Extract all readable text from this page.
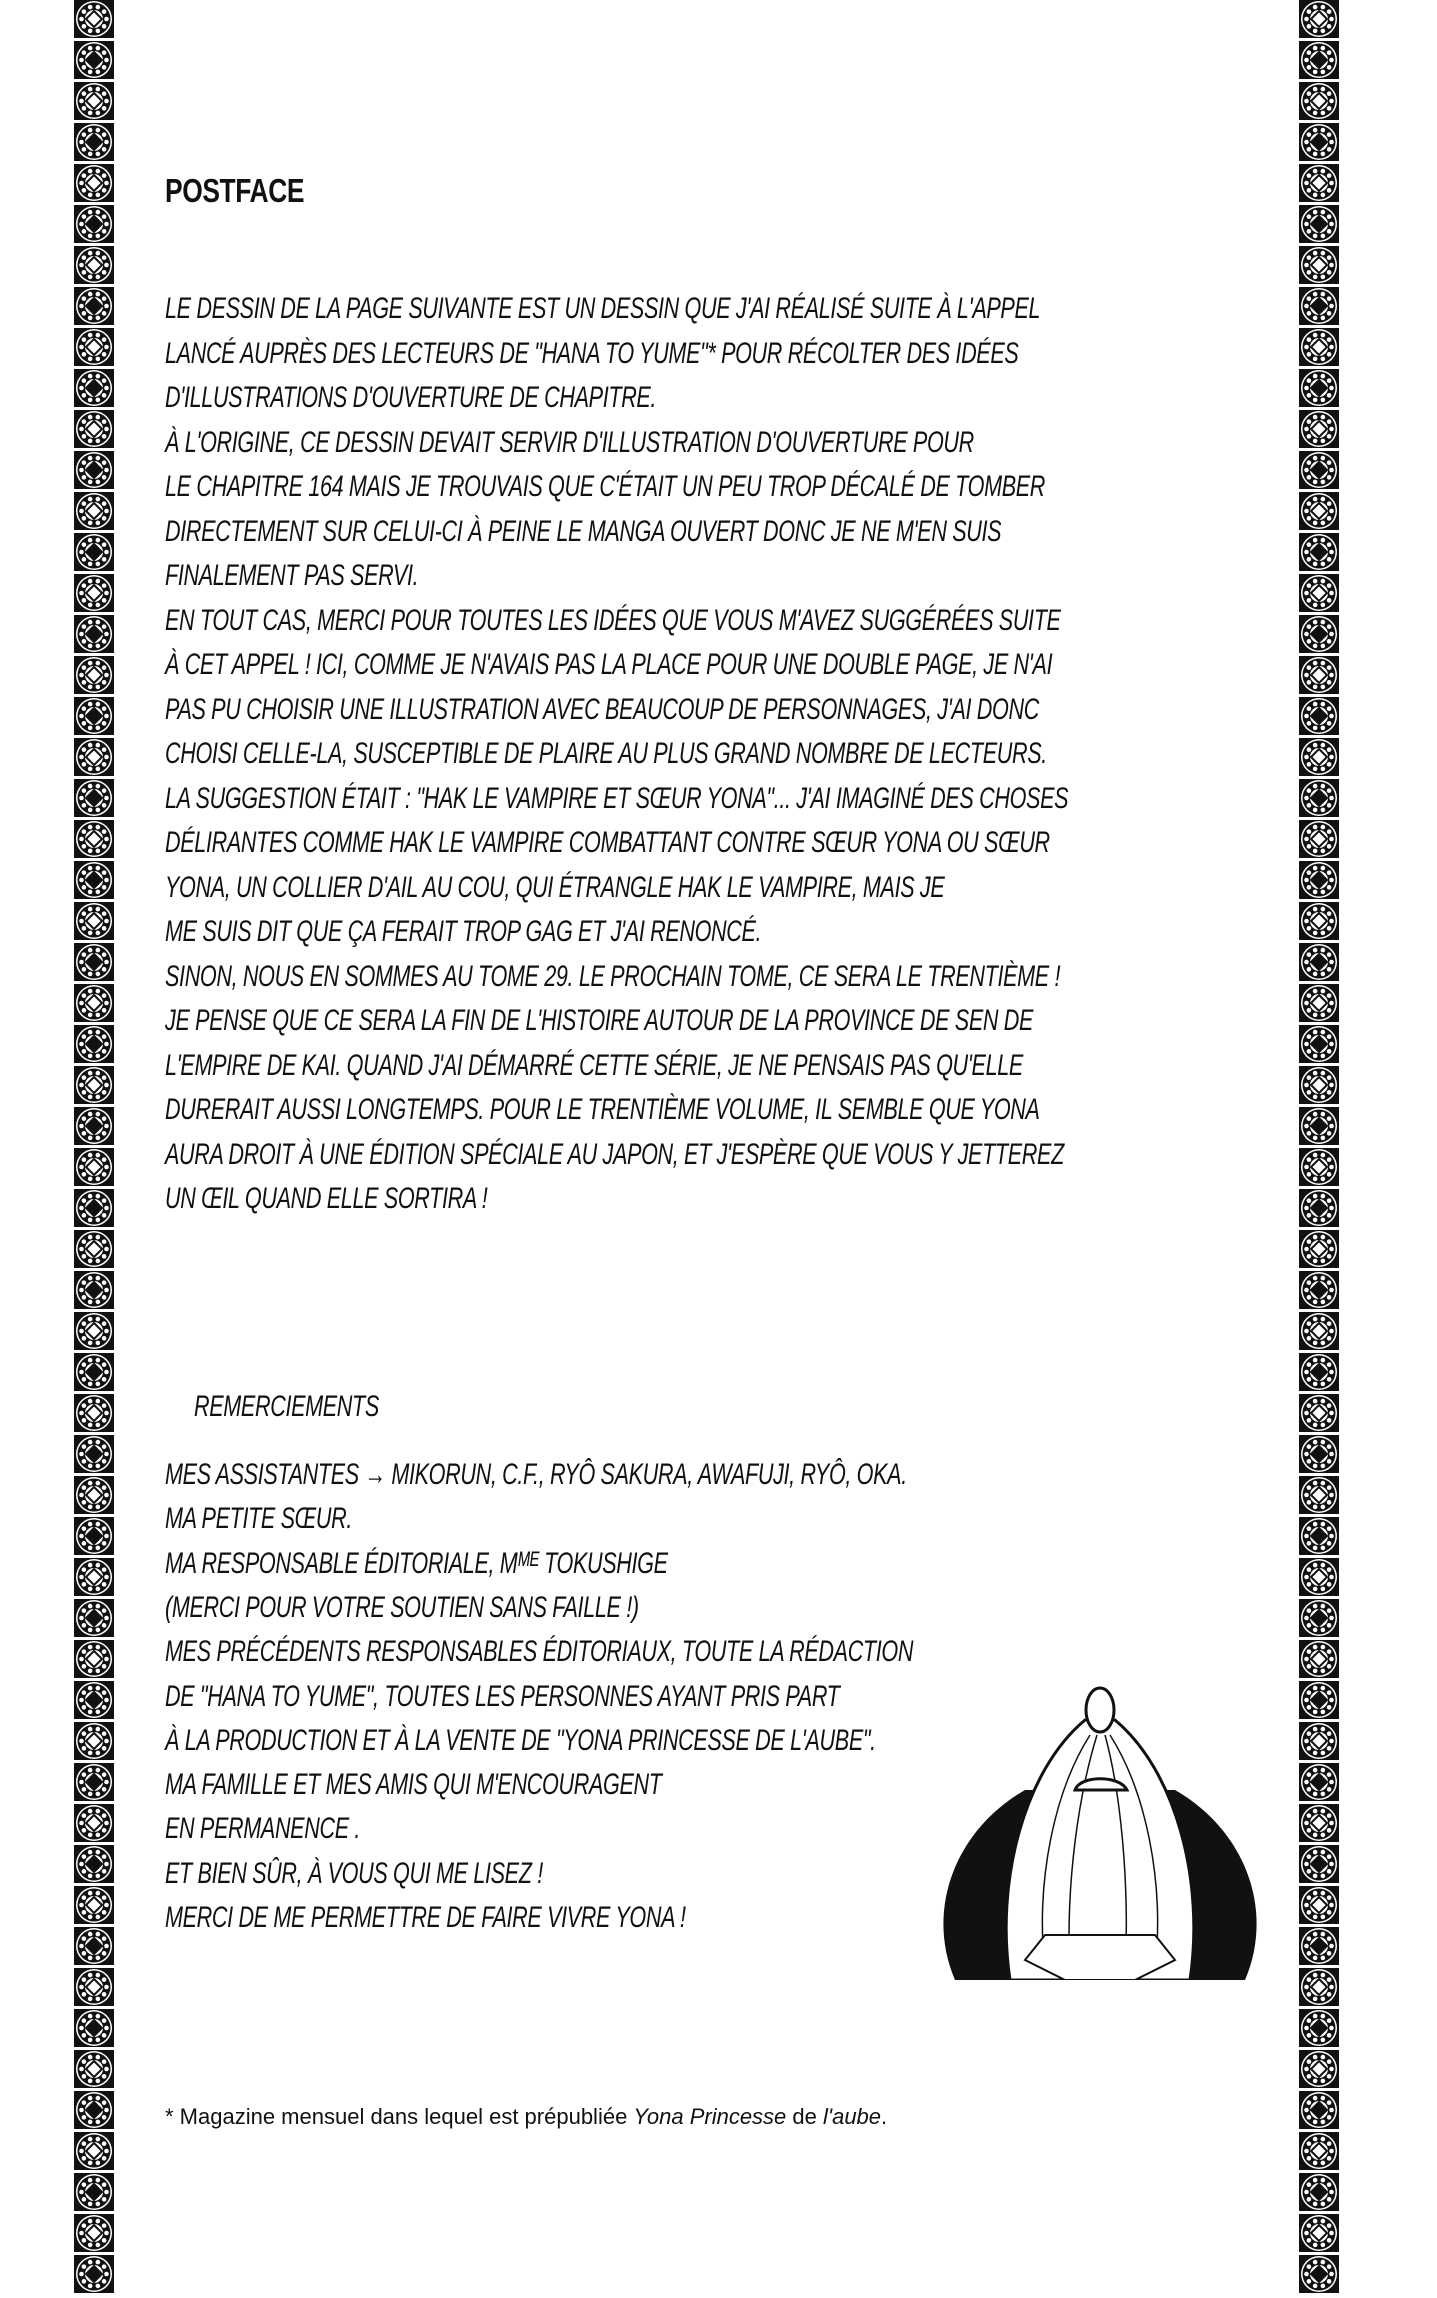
POSTFACE
LE DESSIN DE LA PAGE SUIVANTE EST UN DESSIN QUE J'AI RÉALISÉ SUITE À L'APPEL
LANCÉ AUPRÈS DES LECTEURS DE "HANA TO YUME"* POUR RÉCOLTER DES IDÉES
D'ILLUSTRATIONS D'OUVERTURE DE CHAPITRE.
À L'ORIGINE, CE DESSIN DEVAIT SERVIR D'ILLUSTRATION D'OUVERTURE POUR
LE CHAPITRE 164 MAIS JE TROUVAIS QUE C'ÉTAIT UN PEU TROP DÉCALÉ DE TOMBER
DIRECTEMENT SUR CELUI-CI À PEINE LE MANGA OUVERT DONC JE NE M'EN SUIS
FINALEMENT PAS SERVI.
EN TOUT CAS, MERCI POUR TOUTES LES IDÉES QUE VOUS M'AVEZ SUGGÉRÉES SUITE
À CET APPEL ! ICI, COMME JE N'AVAIS PAS LA PLACE POUR UNE DOUBLE PAGE, JE N'AI
PAS PU CHOISIR UNE ILLUSTRATION AVEC BEAUCOUP DE PERSONNAGES, J'AI DONC
CHOISI CELLE-LA, SUSCEPTIBLE DE PLAIRE AU PLUS GRAND NOMBRE DE LECTEURS.
LA SUGGESTION ÉTAIT : "HAK LE VAMPIRE ET SŒUR YONA"... J'AI IMAGINÉ DES CHOSES
DÉLIRANTES COMME HAK LE VAMPIRE COMBATTANT CONTRE SŒUR YONA OU SŒUR
YONA, UN COLLIER D'AIL AU COU, QUI ÉTRANGLE HAK LE VAMPIRE, MAIS JE
ME SUIS DIT QUE ÇA FERAIT TROP GAG ET J'AI RENONCÉ.
SINON, NOUS EN SOMMES AU TOME 29. LE PROCHAIN TOME, CE SERA LE TRENTIÈME !
JE PENSE QUE CE SERA LA FIN DE L'HISTOIRE AUTOUR DE LA PROVINCE DE SEN DE
L'EMPIRE DE KAI. QUAND J'AI DÉMARRÉ CETTE SÉRIE, JE NE PENSAIS PAS QU'ELLE
DURERAIT AUSSI LONGTEMPS. POUR LE TRENTIÈME VOLUME, IL SEMBLE QUE YONA
AURA DROIT À UNE ÉDITION SPÉCIALE AU JAPON, ET J'ESPÈRE QUE VOUS Y JETTEREZ
UN ŒIL QUAND ELLE SORTIRA !
REMERCIEMENTS
MES ASSISTANTES → MIKORUN, C.F., RYÔ SAKURA, AWAFUJI, RYÔ, OKA.
MA PETITE SŒUR.
MA RESPONSABLE ÉDITORIALE, Mᴹᴱ TOKUSHIGE
(MERCI POUR VOTRE SOUTIEN SANS FAILLE !)
MES PRÉCÉDENTS RESPONSABLES ÉDITORIAUX, TOUTE LA RÉDACTION
DE "HANA TO YUME", TOUTES LES PERSONNES AYANT PRIS PART
À LA PRODUCTION ET À LA VENTE DE "YONA PRINCESSE DE L'AUBE".
MA FAMILLE ET MES AMIS QUI M'ENCOURAGENT
EN PERMANENCE .
ET BIEN SÛR, À VOUS QUI ME LISEZ !
MERCI DE ME PERMETTRE DE FAIRE VIVRE YONA !
* Magazine mensuel dans lequel est prépubliée Yona Princesse de l'aube.
